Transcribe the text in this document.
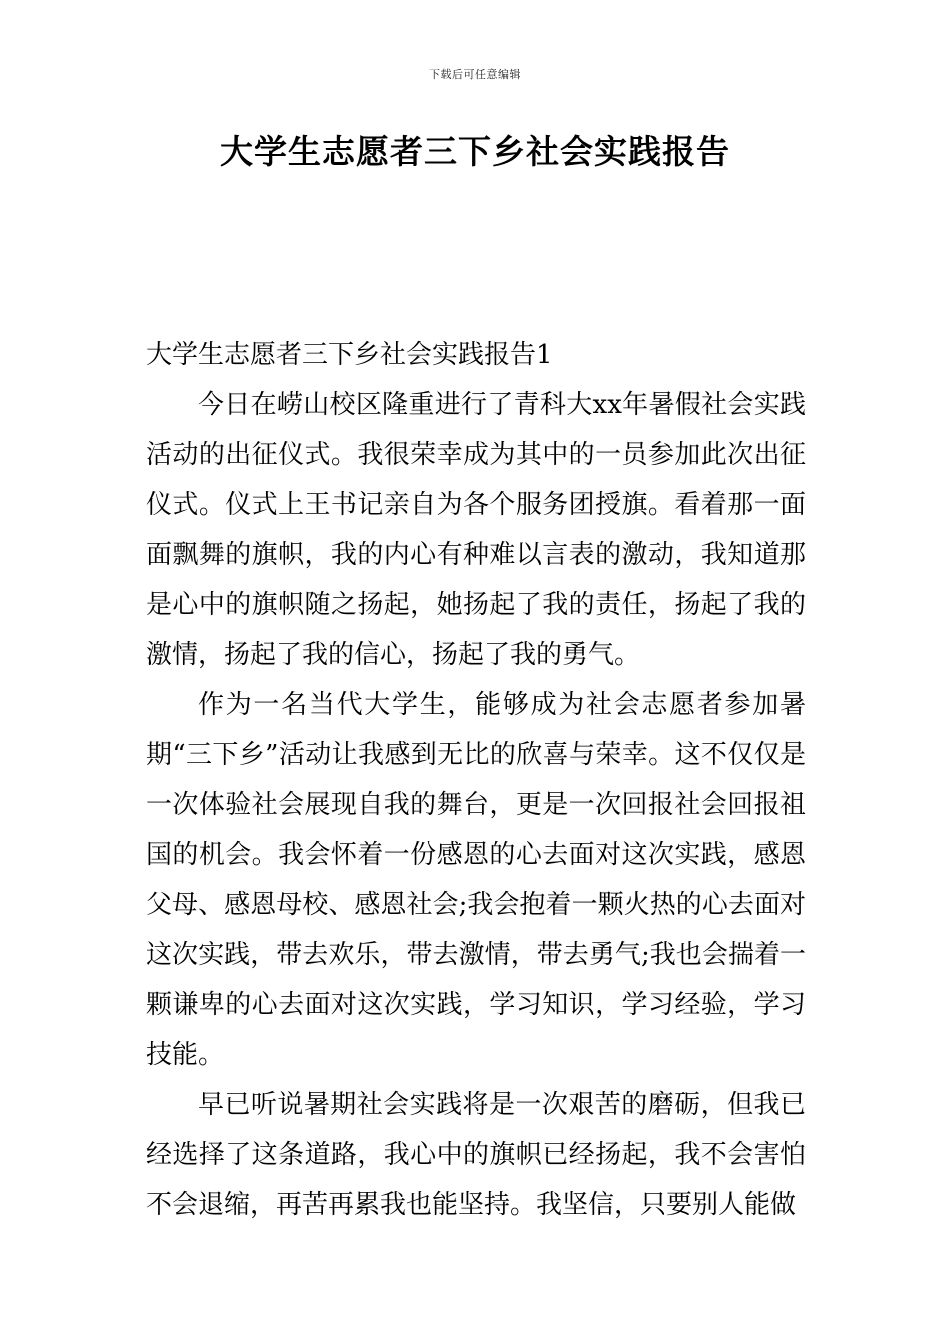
下载后可任意编辑
大学生志愿者三下乡社会实践报告
大学生志愿者三下乡社会实践报告1

今日在崂山校区隆重进行了青科大xx年暑假社会实践活动的出征仪式。我很荣幸成为其中的一员参加此次出征仪式。仪式上王书记亲自为各个服务团授旗。看着那一面面飘舞的旗帜，我的内心有种难以言表的激动，我知道那是心中的旗帜随之扬起，她扬起了我的责任，扬起了我的激情，扬起了我的信心，扬起了我的勇气。

作为一名当代大学生，能够成为社会志愿者参加暑期“三下乡”活动让我感到无比的欣喜与荣幸。这不仅仅是一次体验社会展现自我的舞台，更是一次回报社会回报祖国的机会。我会怀着一份感恩的心去面对这次实践，感恩父母、感恩母校、感恩社会;我会抱着一颗火热的心去面对这次实践，带去欢乐，带去激情，带去勇气;我也会揣着一颗谦卑的心去面对这次实践，学习知识，学习经验，学习技能。

早已听说暑期社会实践将是一次艰苦的磨砺，但我已经选择了这条道路，我心中的旗帜已经扬起，我不会害怕不会退缩，再苦再累我也能坚持。我坚信，只要别人能做
